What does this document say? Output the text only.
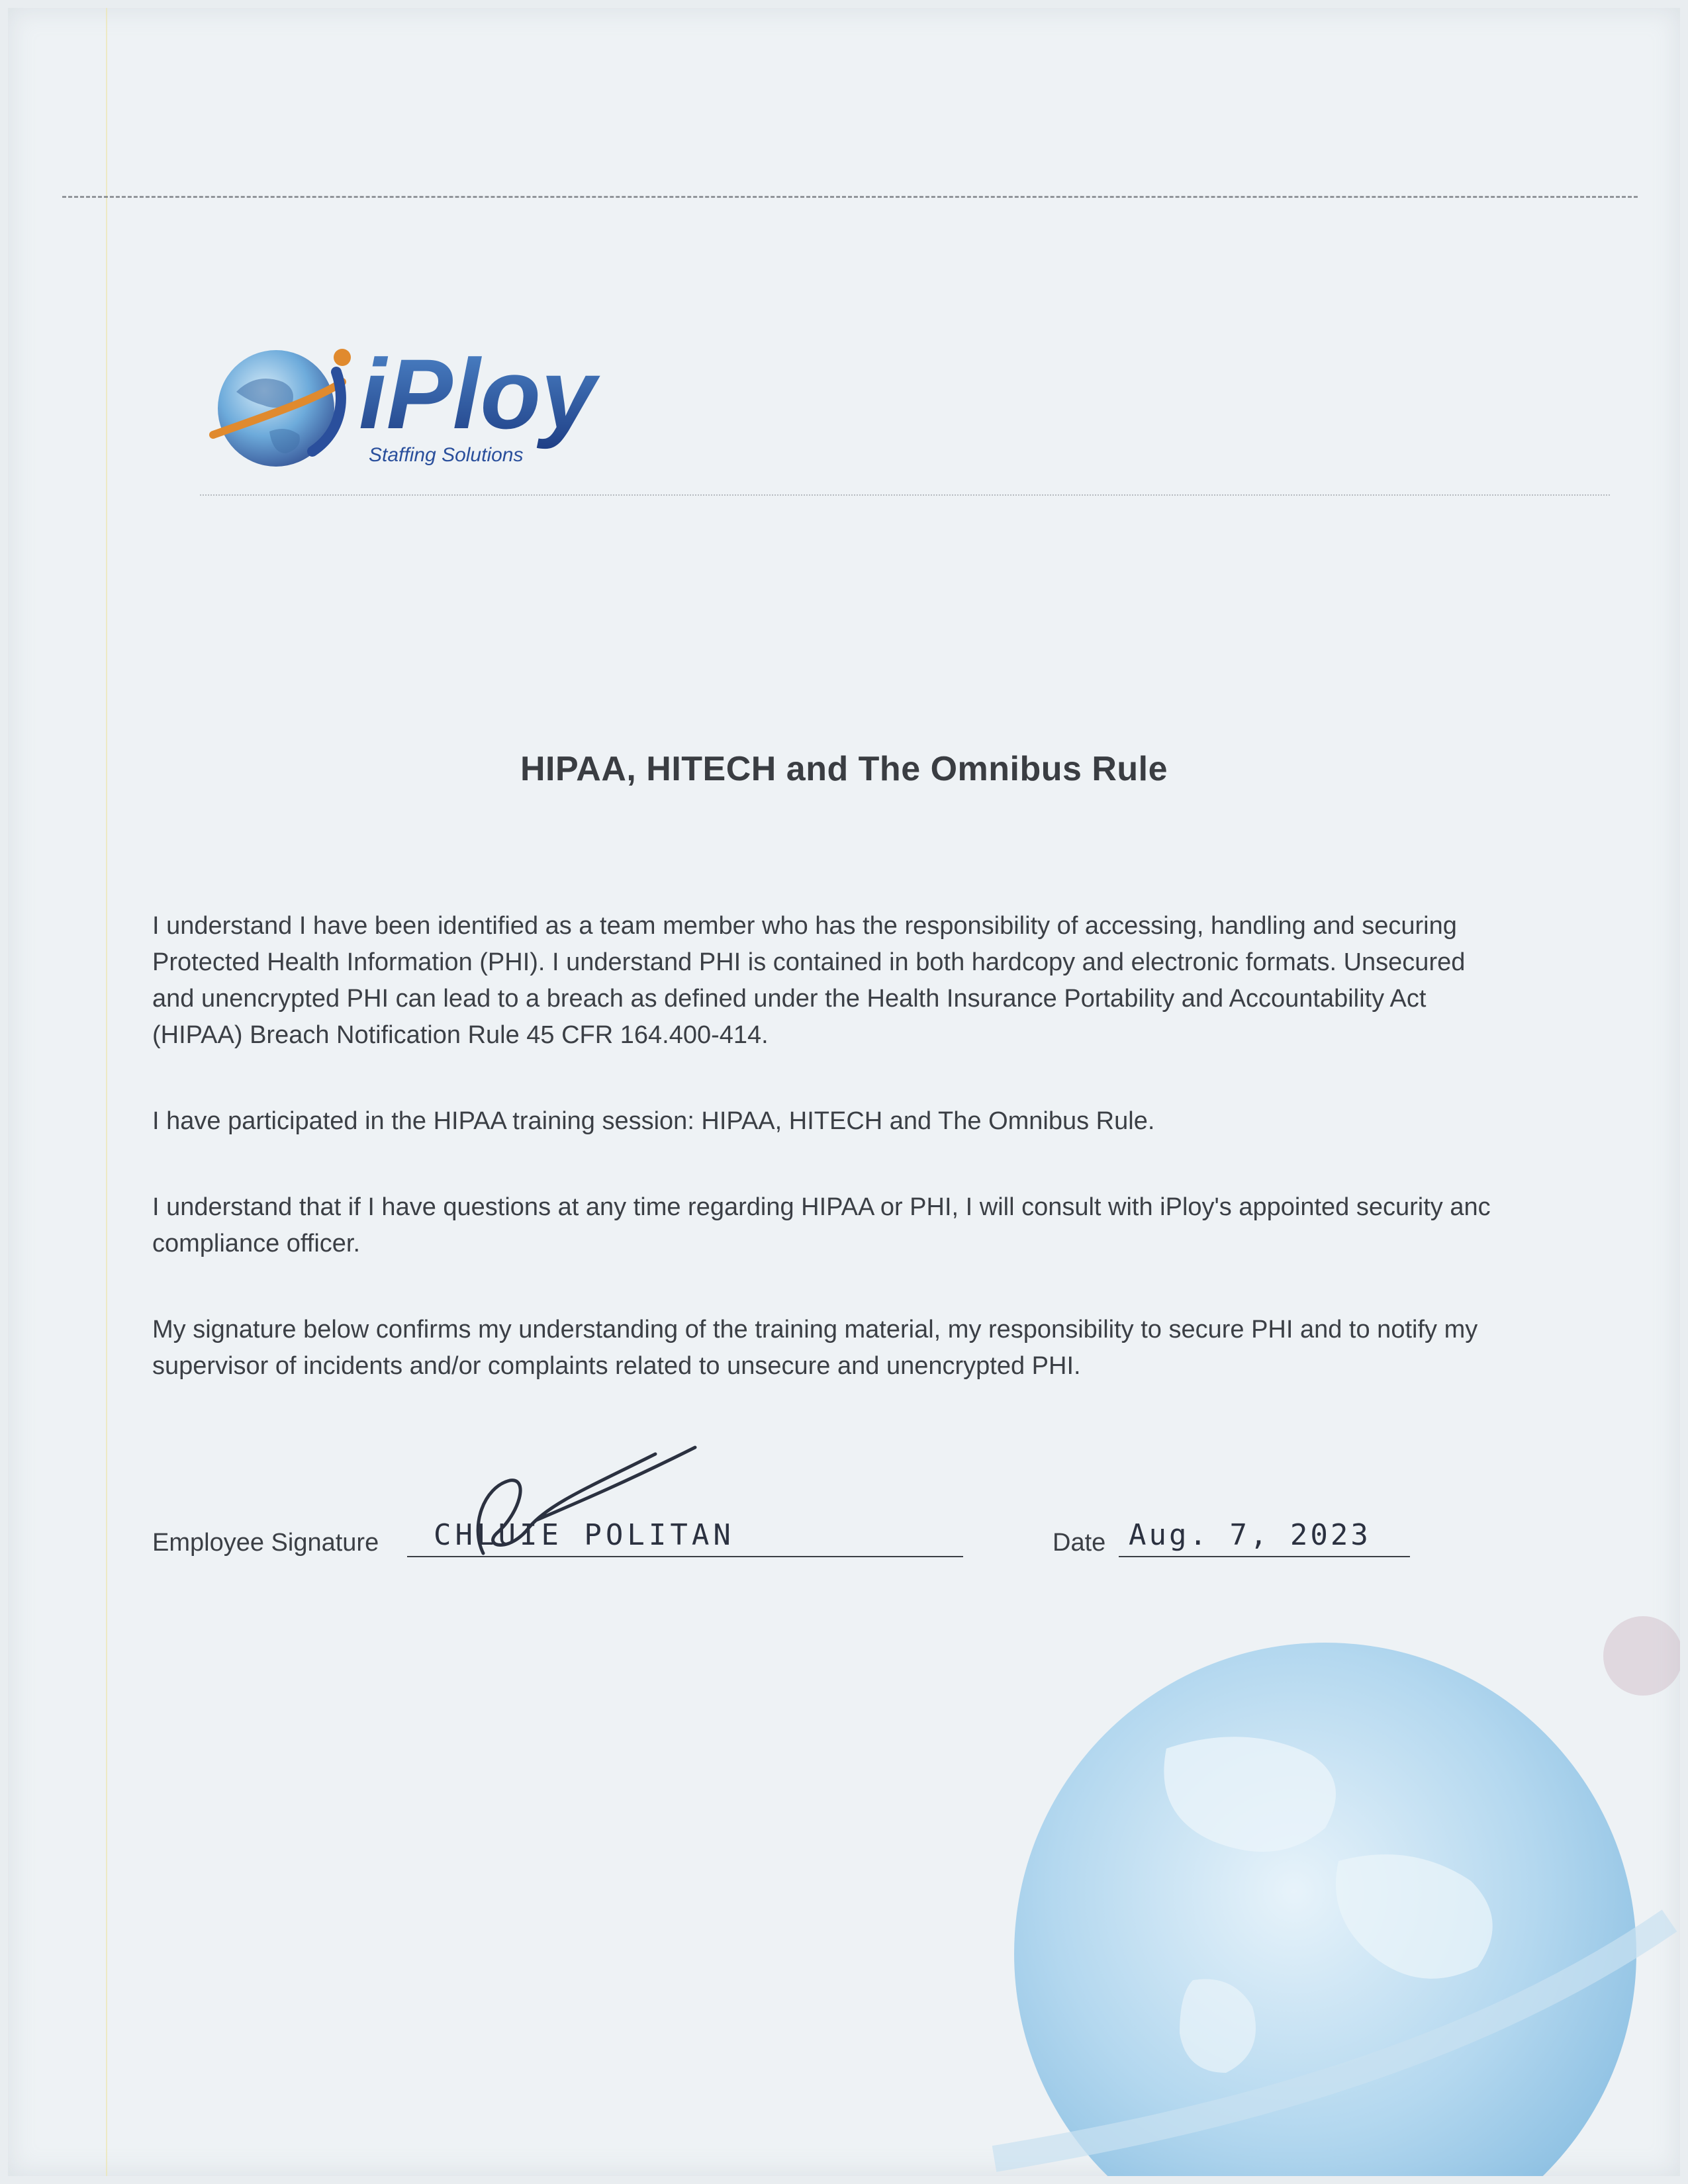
iPloy
Staffing Solutions
HIPAA, HITECH and The Omnibus Rule
I understand I have been identified as a team member who has the responsibility of accessing, handling and securing
Protected Health Information (PHI). I understand PHI is contained in both hardcopy and electronic formats. Unsecured
and unencrypted PHI can lead to a breach as defined under the Health Insurance Portability and Accountability Act
(HIPAA) Breach Notification Rule 45 CFR 164.400-414.
I have participated in the HIPAA training session: HIPAA, HITECH and The Omnibus Rule.
I understand that if I have questions at any time regarding HIPAA or PHI, I will consult with iPloy's appointed security anc
compliance officer.
My signature below confirms my understanding of the training material, my responsibility to secure PHI and to notify my
supervisor of incidents and/or complaints related to unsecure and unencrypted PHI.
Employee Signature CHLUIE POLITAN	Date Aug. 7, 2023
